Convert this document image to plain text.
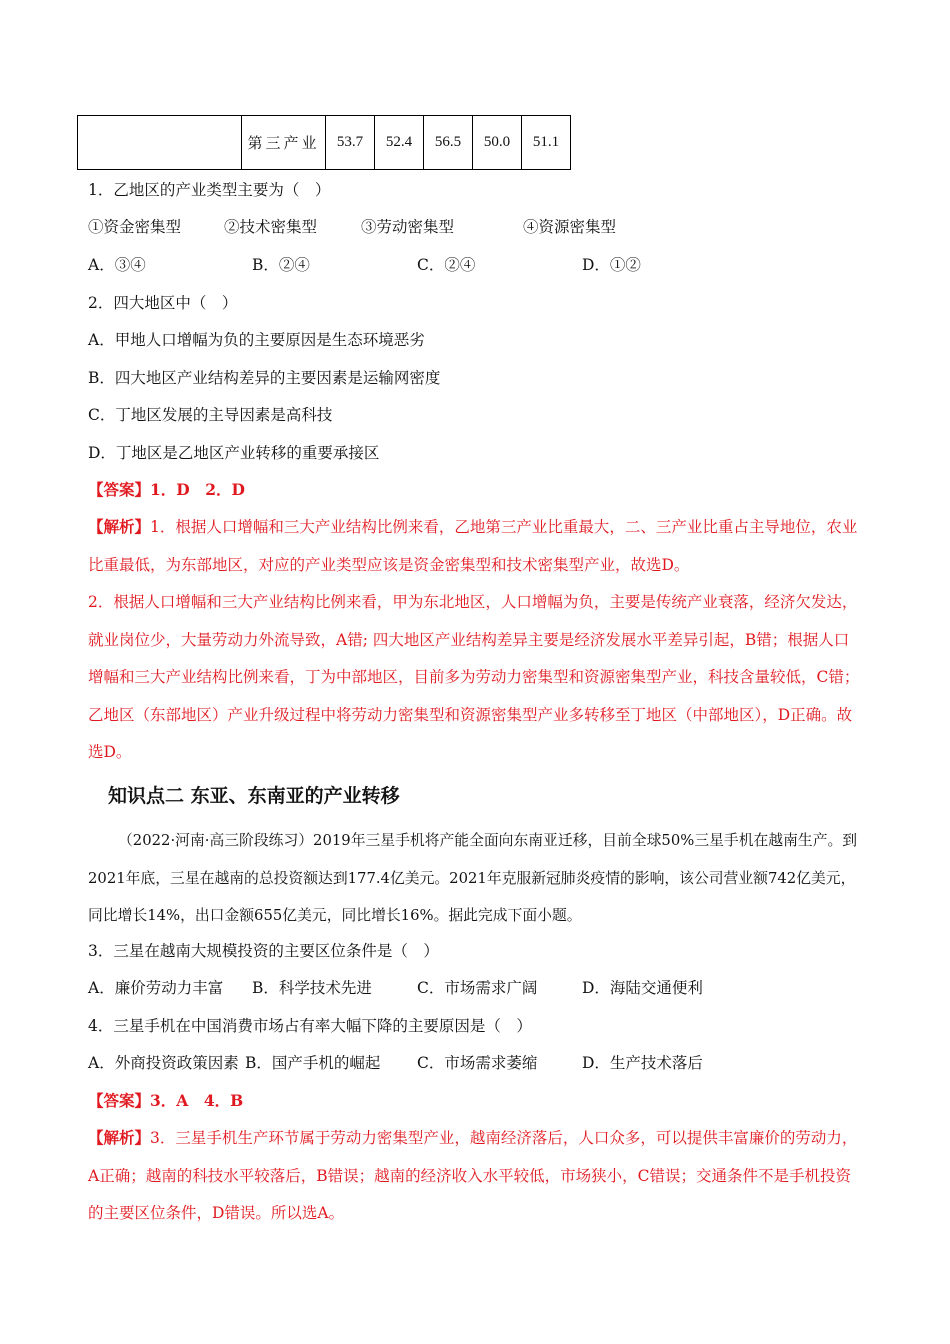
	第三产业	53.7	52.4	56.5	50.0	51.1
1．乙地区的产业类型主要为（　）
①资金密集型	②技术密集型	③劳动密集型	④资源密集型
A．③④	B．②④	C．②④	D．①②
2．四大地区中（　）
A．甲地人口增幅为负的主要原因是生态环境恶劣
B．四大地区产业结构差异的主要因素是运输网密度
C．丁地区发展的主导因素是高科技
D．丁地区是乙地区产业转移的重要承接区
【答案】1．D　2．D
【解析】1．根据人口增幅和三大产业结构比例来看，乙地第三产业比重最大，二、三产业比重占主导地位，农业比重最低，为东部地区，对应的产业类型应该是资金密集型和技术密集型产业，故选D。
2．根据人口增幅和三大产业结构比例来看，甲为东北地区，人口增幅为负，主要是传统产业衰落，经济欠发达，就业岗位少，大量劳动力外流导致，A错; 四大地区产业结构差异主要是经济发展水平差异引起，B错；根据人口增幅和三大产业结构比例来看，丁为中部地区，目前多为劳动力密集型和资源密集型产业，科技含量较低，C错；乙地区（东部地区）产业升级过程中将劳动力密集型和资源密集型产业多转移至丁地区（中部地区），D正确。故选D。
知识点二 东亚、东南亚的产业转移
（2022·河南·高三阶段练习）2019年三星手机将产能全面向东南亚迁移，目前全球50%三星手机在越南生产。到2021年底，三星在越南的总投资额达到177.4亿美元。2021年克服新冠肺炎疫情的影响，该公司营业额742亿美元，同比增长14%，出口金额655亿美元，同比增长16%。据此完成下面小题。
3．三星在越南大规模投资的主要区位条件是（　）
A．廉价劳动力丰富 B．科学技术先进	C．市场需求广阔	D．海陆交通便利
4．三星手机在中国消费市场占有率大幅下降的主要原因是（　）
A．外商投资政策因素 B．国产手机的崛起 C．市场需求萎缩	D．生产技术落后
【答案】3．A　4．B
【解析】3．三星手机生产环节属于劳动力密集型产业，越南经济落后，人口众多，可以提供丰富廉价的劳动力，A正确；越南的科技水平较落后，B错误；越南的经济收入水平较低，市场狭小，C错误；交通条件不是手机投资的主要区位条件，D错误。所以选A。
